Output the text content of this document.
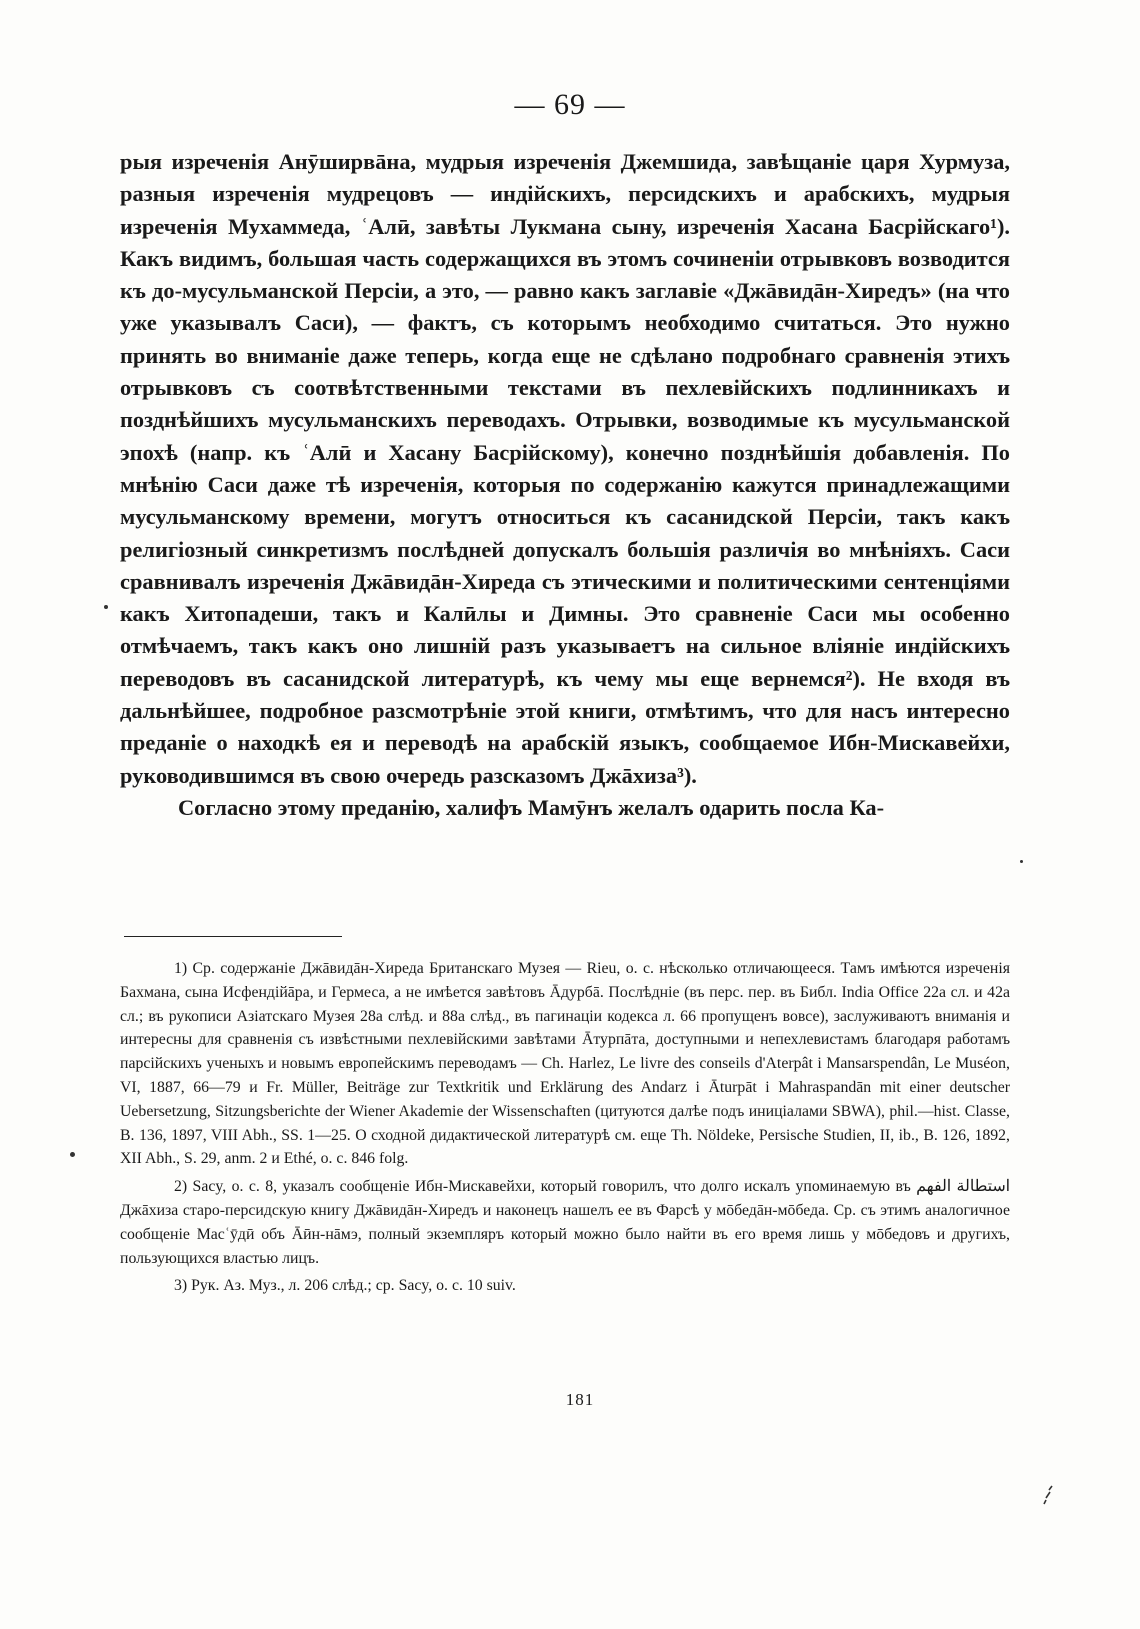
— 69 —

рыя изреченія Анӯширвāна, мудрыя изреченія Джемшида, завѣщаніе царя Хурмуза, разныя изреченія мудрецовъ — индійскихъ, персидскихъ и арабскихъ, мудрыя изреченія Мухаммеда, ʿАлӣ, завѣты Лукмана сыну, изреченія Хасана Басрійскаго¹). Какъ видимъ, большая часть содержащихся въ этомъ сочиненіи отрывковъ возводится къ до-мусульманской Персіи, а это, — равно какъ заглавіе «Джāвидāн-Хиредъ» (на что уже указывалъ Саси), — фактъ, съ которымъ необходимо считаться. Это нужно принять во вниманіе даже теперь, когда еще не сдѣлано подробнаго сравненія этихъ отрывковъ съ соотвѣтственными текстами въ пехлевійскихъ подлинникахъ и позднѣйшихъ мусульманскихъ переводахъ. Отрывки, возводимые къ мусульманской эпохѣ (напр. къ ʿАлӣ и Хасану Басрійскому), конечно позднѣйшія добавленія. По мнѣнію Саси даже тѣ изреченія, которыя по содержанію кажутся принадлежащими мусульманскому времени, могутъ относиться къ сасанидской Персіи, такъ какъ религіозный синкретизмъ послѣдней допускалъ большія различія во мнѣніяхъ. Саси сравнивалъ изреченія Джāвидāн-Хиреда съ этическими и политическими сентенціями какъ Хитопадеши, такъ и Калӣлы и Димны. Это сравненіе Саси мы особенно отмѣчаемъ, такъ какъ оно лишній разъ указываетъ на сильное вліяніе индійскихъ переводовъ въ сасанидской литературѣ, къ чему мы еще вернемся²). Не входя въ дальнѣйшее, подробное разсмотрѣніе этой книги, отмѣтимъ, что для насъ интересно преданіе о находкѣ ея и переводѣ на арабскій языкъ, сообщаемое Ибн-Мискавейхи, руководившимся въ свою очередь разсказомъ Джāхиза³).

Согласно этому преданію, халифъ Мамӯнъ желалъ одарить посла Ка-

1) Ср. содержаніе Джāвидāн-Хиреда Британскаго Музея — Rieu, o. c. нѣсколько отличающееся. Тамъ имѣются изреченія Бахмана, сына Исфендійāра, и Гермеса, а не имѣется завѣтовъ Āдурбā. Послѣдніе (въ перс. пер. въ Библ. India Office 22a сл. и 42a сл.; въ рукописи Азіатскаго Музея 28a слѣд. и 88a слѣд., въ пагинаціи кодекса л. 66 пропущенъ вовсе), заслуживаютъ вниманія и интересны для сравненія съ извѣстными пехлевійскими завѣтами Āтурпāта, доступными и непехлевистамъ благодаря работамъ парсійскихъ ученыхъ и новымъ европейскимъ переводамъ — Ch. Harlez, Le livre des conseils d'Aterpât i Mansarspendân, Le Muséon, VI, 1887, 66—79 и Fr. Müller, Beiträge zur Textkritik und Erklärung des Andarz i Āturpāt i Mahraspandān mit einer deutscher Uebersetzung, Sitzungsberichte der Wiener Akademie der Wissenschaften (цитуются далѣе подъ иниціалами SBWA), phil.—hist. Classe, B. 136, 1897, VIII Abh., SS. 1—25. О сходной дидактической литературѣ см. еще Th. Nöldeke, Persische Studien, II, ib., B. 126, 1892, XII Abh., S. 29, anm. 2 и Ethé, o. c. 846 folg.

2) Sacy, o. c. 8, указалъ сообщеніе Ибн-Мискавейхи, который говорилъ, что долго искалъ упоминаемую въ استطالة الفهم Джāхиза старо-персидскую книгу Джāвидāн-Хиредъ и наконецъ нашелъ ее въ Фарсѣ у мōбедāн-мōбеда. Ср. съ этимъ аналогичное сообщеніе Масʿӯдӣ объ Āӣн-нāмэ, полный экземпляръ который можно было найти въ его время лишь у мōбедовъ и другихъ, пользующихся властью лицъ.

3) Рук. Аз. Муз., л. 206 слѣд.; ср. Sacy, o. c. 10 suiv.

181
